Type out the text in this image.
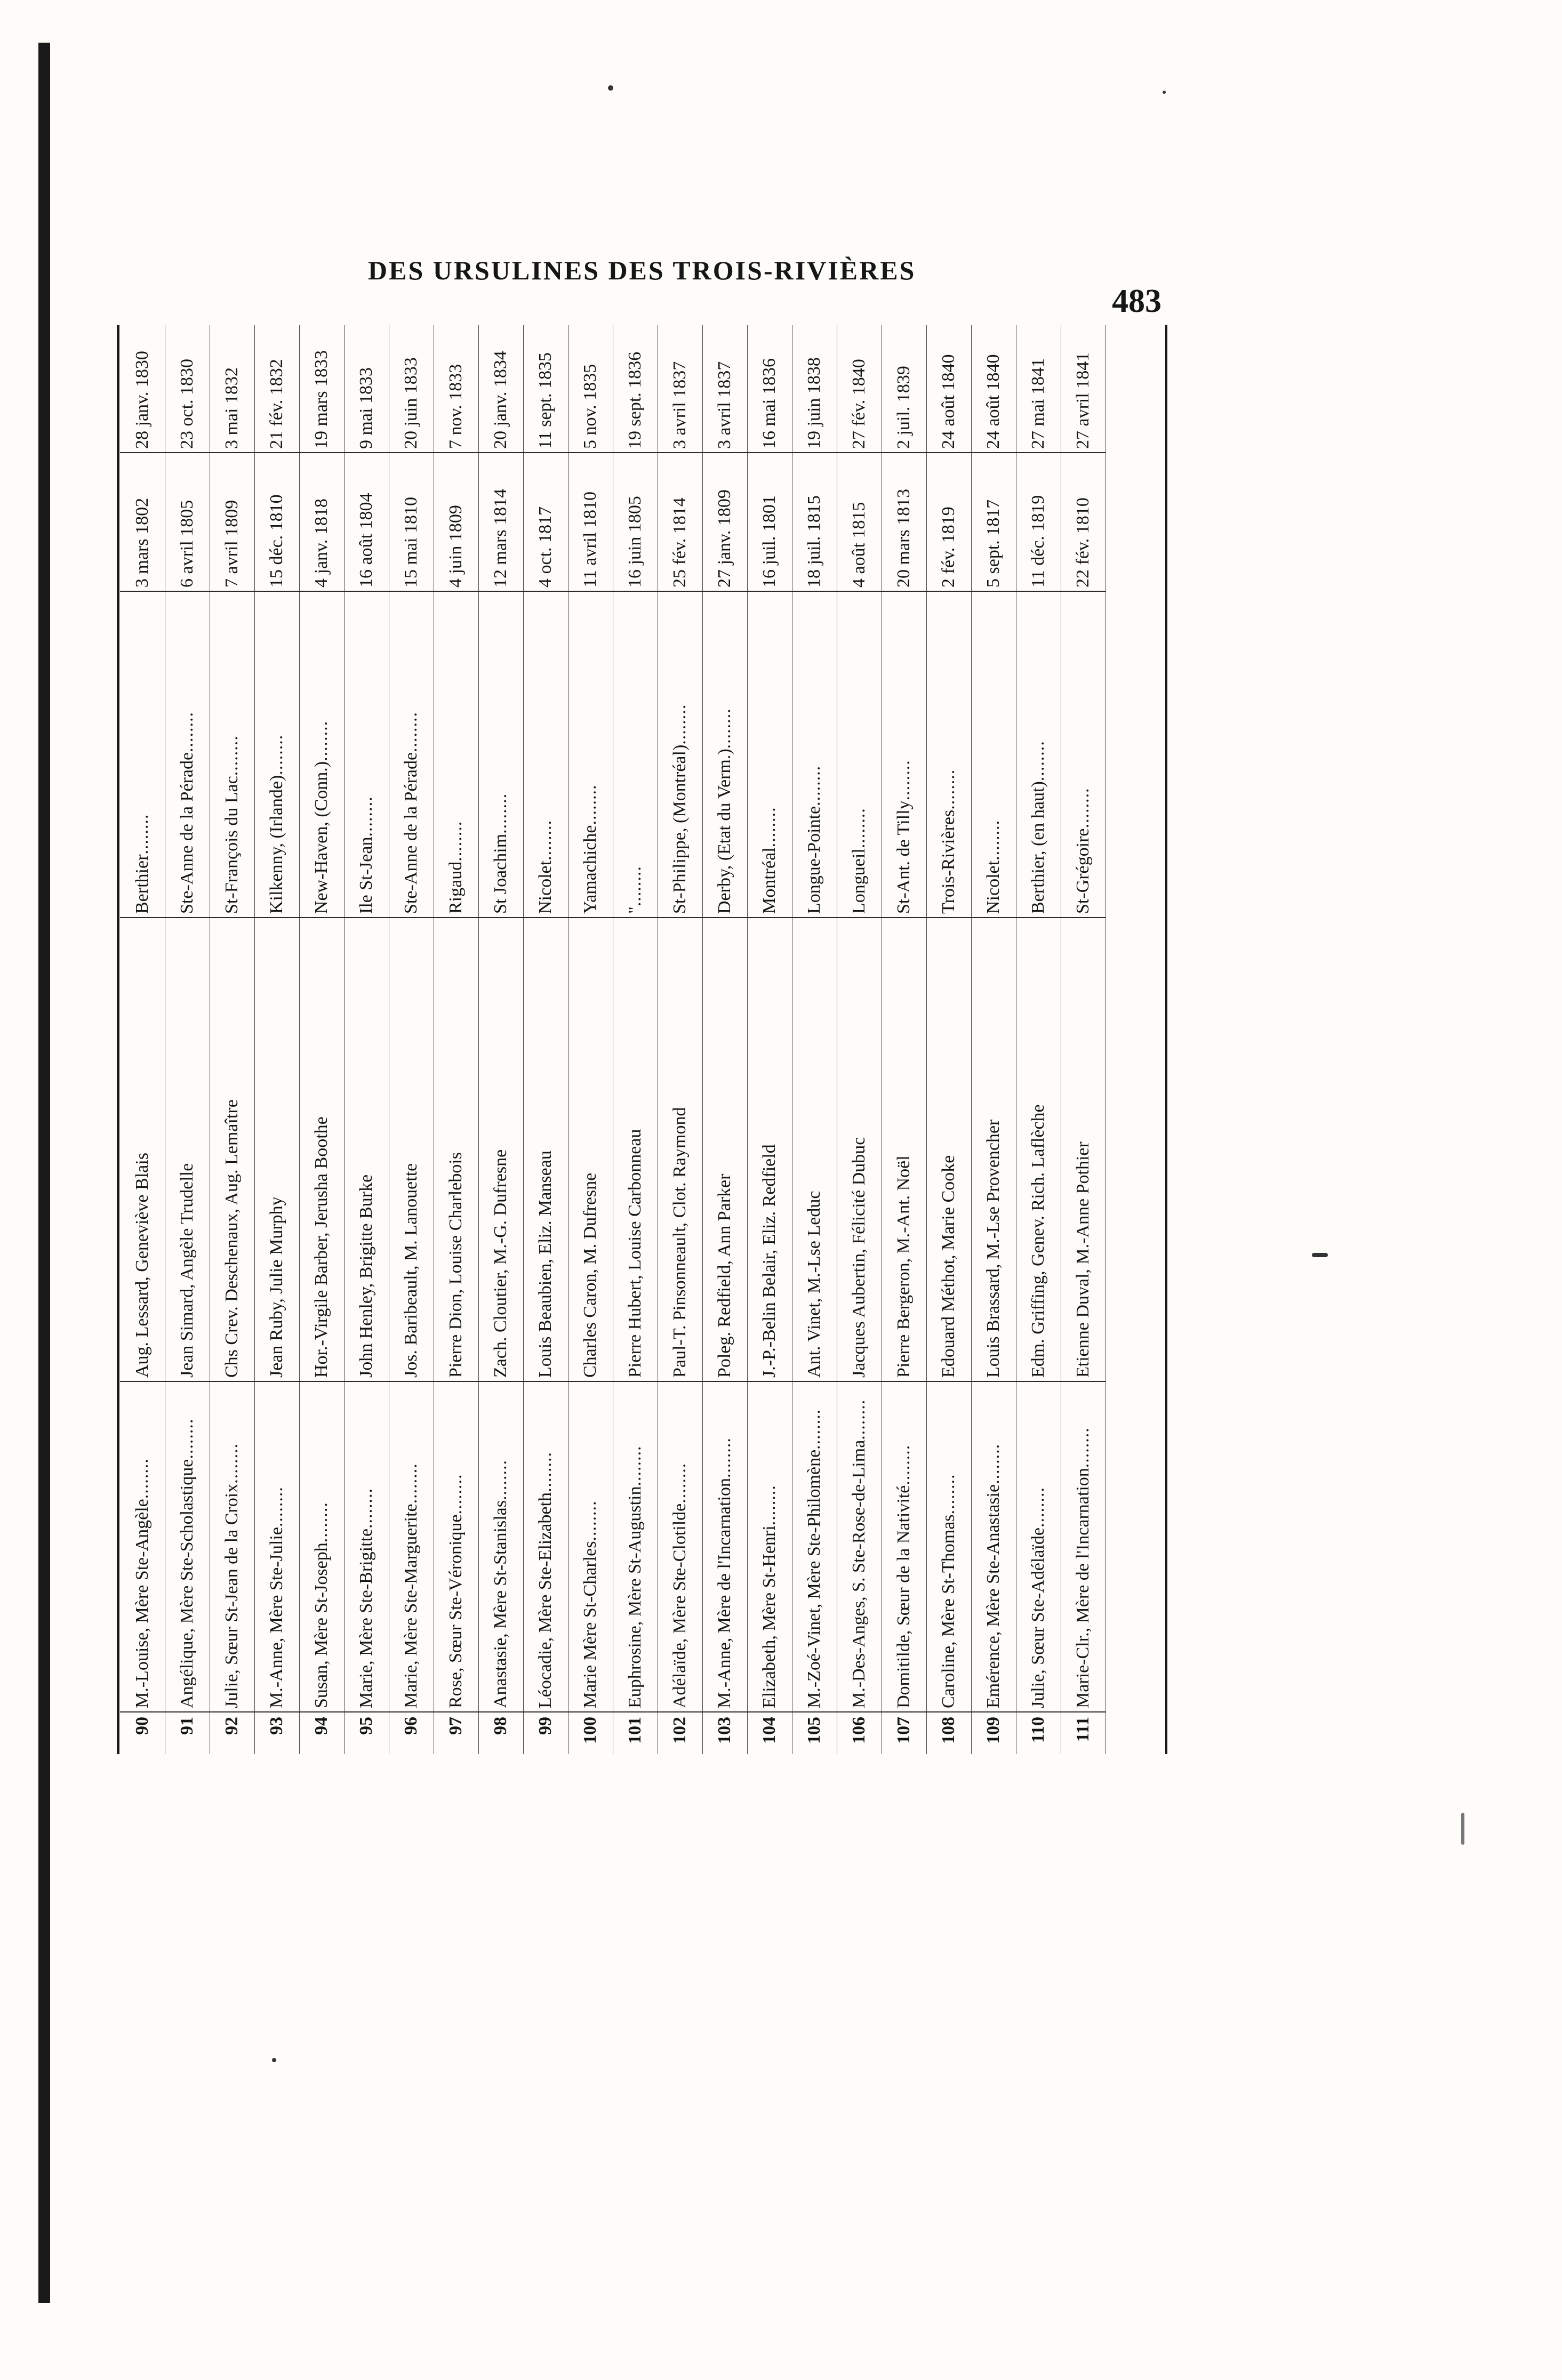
DES URSULINES DES TROIS-RIVIÈRES
483
90
M.-Louise, Mère Ste-Angèle .....
Aug. Lessard, Geneviève Blais
Berthier .....
3 mars 1802
28 janv. 1830
91
Angélique, Mère Ste-Scholastique .....
Jean Simard, Angèle Trudelle
Ste-Anne de la Pérade .....
6 avril 1805
23 oct. 1830
92
Julie, Sœur St-Jean de la Croix .....
Chs Crev. Deschenaux, Aug. Lemaître
St-François du Lac .....
7 avril 1809
3 mai 1832
93
M.-Anne, Mère Ste-Julie .....
Jean Ruby, Julie Murphy
Kilkenny, (Irlande) .....
15 déc. 1810
21 fév. 1832
94
Susan, Mère St-Joseph .....
Hor.-Virgile Barber, Jerusha Boothe
New-Haven, (Conn.) .....
4 janv. 1818
19 mars 1833
95
Marie, Mère Ste-Brigitte .....
John Henley, Brigitte Burke
Ile St-Jean .....
16 août 1804
9 mai 1833
96
Marie, Mère Ste-Marguerite .....
Jos. Baribeault, M. Lanouette
Ste-Anne de la Pérade .....
15 mai 1810
20 juin 1833
97
Rose, Sœur Ste-Véronique .....
Pierre Dion, Louise Charlebois
Rigaud .....
4 juin 1809
7 nov. 1833
98
Anastasie, Mère St-Stanislas .....
Zach. Cloutier, M.-G. Dufresne
St Joachim .....
12 mars 1814
20 janv. 1834
99
Léocadie, Mère Ste-Elizabeth .....
Louis Beaubien, Eliz. Manseau
Nicolet .....
4 oct. 1817
11 sept. 1835
100
Marie Mère St-Charles .....
Charles Caron, M. Dufresne
Yamachiche .....
11 avril 1810
5 nov. 1835
101
Euphrosine, Mère St-Augustin .....
Pierre Hubert, Louise Carbonneau
" .....
16 juin 1805
19 sept. 1836
102
Adélaïde, Mère Ste-Clotilde .....
Paul-T. Pinsonneault, Clot. Raymond
St-Philippe, (Montréal) .....
25 fév. 1814
3 avril 1837
103
M.-Anne, Mère de l'Incarnation .....
Poleg. Redfield, Ann Parker
Derby, (Etat du Verm.) .....
27 janv. 1809
3 avril 1837
104
Elizabeth, Mère St-Henri .....
J.-P.-Belin Belair, Eliz. Redfield
Montréal .....
16 juil. 1801
16 mai 1836
105
M.-Zoé-Vinet, Mère Ste-Philomène .....
Ant. Vinet, M.-Lse Leduc
Longue-Pointe .....
18 juil. 1815
19 juin 1838
106
M.-Des-Anges, S. Ste-Rose-de-Lima .....
Jacques Aubertin, Félicité Dubuc
Longueil .....
4 août 1815
27 fév. 1840
107
Domitilde, Sœur de la Nativité .....
Pierre Bergeron, M.-Ant. Noël
St-Ant. de Tilly .....
20 mars 1813
2 juil. 1839
108
Caroline, Mère St-Thomas .....
Edouard Méthot, Marie Cooke
Trois-Rivières .....
2 fév. 1819
24 août 1840
109
Emérence, Mère Ste-Anastasie .....
Louis Brassard, M.-Lse Provencher
Nicolet .....
5 sept. 1817
24 août 1840
110
Julie, Sœur Ste-Adélaïde .....
Edm. Griffing, Genev. Rich. Laflèche
Berthier, (en haut) .....
11 déc. 1819
27 mai 1841
111
Marie-Clr., Mère de l'Incarnation .....
Etienne Duval, M.-Anne Pothier
St-Grégoire .....
22 fév. 1810
27 avril 1841
